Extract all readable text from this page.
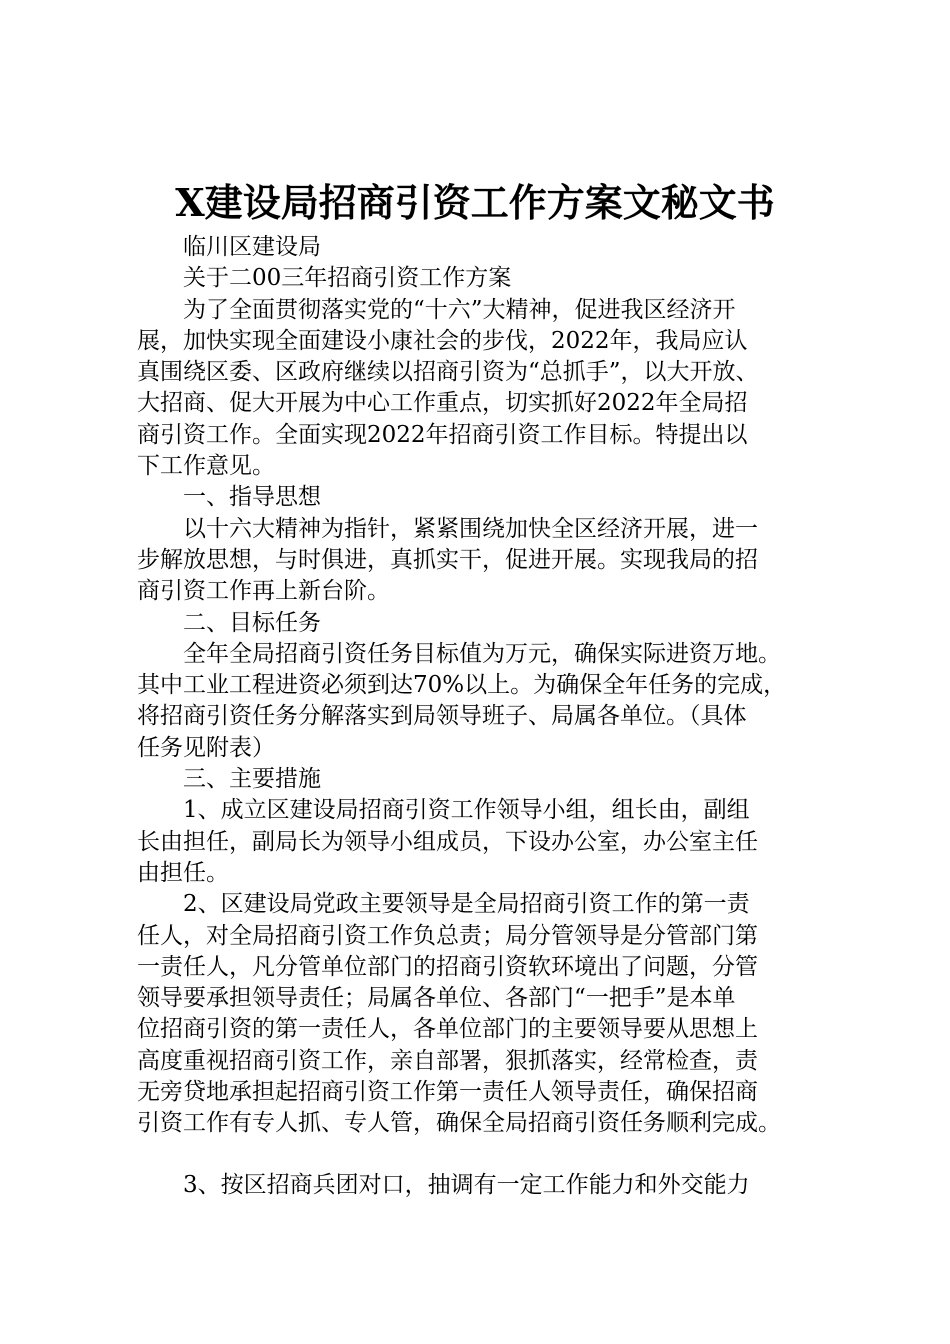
X建设局招商引资工作方案文秘文书
临川区建设局
关于二00三年招商引资工作方案
为了全面贯彻落实党的“十六”大精神，促进我区经济开
展，加快实现全面建设小康社会的步伐，2022年，我局应认
真围绕区委、区政府继续以招商引资为“总抓手”，以大开放、
大招商、促大开展为中心工作重点，切实抓好2022年全局招
商引资工作。全面实现2022年招商引资工作目标。特提出以
下工作意见。
一、指导思想
以十六大精神为指针，紧紧围绕加快全区经济开展，进一
步解放思想，与时俱进，真抓实干，促进开展。实现我局的招
商引资工作再上新台阶。
二、目标任务
全年全局招商引资任务目标值为万元，确保实际进资万地。
其中工业工程进资必须到达70%以上。为确保全年任务的完成，
将招商引资任务分解落实到局领导班子、局属各单位。（具体
任务见附表）
三、主要措施
1、成立区建设局招商引资工作领导小组，组长由，副组
长由担任，副局长为领导小组成员，下设办公室，办公室主任
由担任。
2、区建设局党政主要领导是全局招商引资工作的第一责
任人，对全局招商引资工作负总责；局分管领导是分管部门第
一责任人，凡分管单位部门的招商引资软环境出了问题，分管
领导要承担领导责任；局属各单位、各部门“一把手”是本单
位招商引资的第一责任人，各单位部门的主要领导要从思想上
高度重视招商引资工作，亲自部署，狠抓落实，经常检查，责
无旁贷地承担起招商引资工作第一责任人领导责任，确保招商
引资工作有专人抓、专人管，确保全局招商引资任务顺利完成。
3、按区招商兵团对口，抽调有一定工作能力和外交能力
